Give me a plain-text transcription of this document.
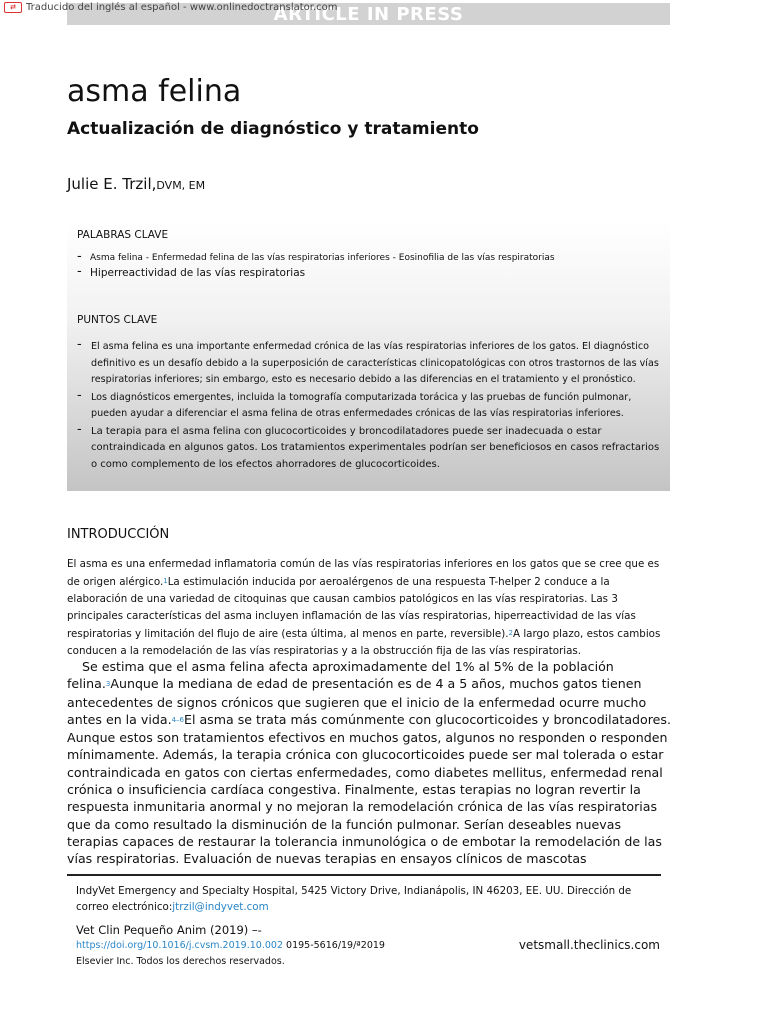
⇄	Traducido del inglés al español - www.onlinedoctranslator.com
ARTICLE IN PRESS
asma felina
Actualización de diagnóstico y tratamiento
Julie E. Trzil,DVM, EM
PALABRAS CLAVE
- Asma felina - Enfermedad felina de las vías respiratorias inferiores - Eosinofilia de las vías respiratorias
- Hiperreactividad de las vías respiratorias
PUNTOS CLAVE
- El asma felina es una importante enfermedad crónica de las vías respiratorias inferiores de los gatos. El diagnóstico definitivo es un desafío debido a la superposición de características clinicopatológicas con otros trastornos de las vías respiratorias inferiores; sin embargo, esto es necesario debido a las diferencias en el tratamiento y el pronóstico.
- Los diagnósticos emergentes, incluida la tomografía computarizada torácica y las pruebas de función pulmonar, pueden ayudar a diferenciar el asma felina de otras enfermedades crónicas de las vías respiratorias inferiores.
- La terapia para el asma felina con glucocorticoides y broncodilatadores puede ser inadecuada o estar contraindicada en algunos gatos. Los tratamientos experimentales podrían ser beneficiosos en casos refractarios o como complemento de los efectos ahorradores de glucocorticoides.
INTRODUCCIÓN

El asma es una enfermedad inflamatoria común de las vías respiratorias inferiores en los gatos que se cree que es de origen alérgico.1La estimulación inducida por aeroalérgenos de una respuesta T-helper 2 conduce a la elaboración de una variedad de citoquinas que causan cambios patológicos en las vías respiratorias. Las 3 principales características del asma incluyen inflamación de las vías respiratorias, hiperreactividad de las vías respiratorias y limitación del flujo de aire (esta última, al menos en parte, reversible).2A largo plazo, estos cambios conducen a la remodelación de las vías respiratorias y a la obstrucción fija de las vías respiratorias.

Se estima que el asma felina afecta aproximadamente del 1% al 5% de la población felina.3Aunque la mediana de edad de presentación es de 4 a 5 años, muchos gatos tienen antecedentes de signos crónicos que sugieren que el inicio de la enfermedad ocurre mucho antes en la vida.4–6El asma se trata más comúnmente con glucocorticoides y broncodilatadores. Aunque estos son tratamientos efectivos en muchos gatos, algunos no responden o responden mínimamente. Además, la terapia crónica con glucocorticoides puede ser mal tolerada o estar contraindicada en gatos con ciertas enfermedades, como diabetes mellitus, enfermedad renal crónica o insuficiencia cardíaca congestiva. Finalmente, estas terapias no logran revertir la respuesta inmunitaria anormal y no mejoran la remodelación crónica de las vías respiratorias que da como resultado la disminución de la función pulmonar. Serían deseables nuevas terapias capaces de restaurar la tolerancia inmunológica o de embotar la remodelación de las vías respiratorias. Evaluación de nuevas terapias en ensayos clínicos de mascotas

IndyVet Emergency and Specialty Hospital, 5425 Victory Drive, Indianápolis, IN 46203, EE. UU. Dirección de correo electrónico:jtrzil@indyvet.com
Vet Clin Pequeño Anim (2019) –-
https://doi.org/10.1016/j.cvsm.2019.10.002 0195-5616/19/ª2019
Elsevier Inc. Todos los derechos reservados.
vetsmall.theclinics.com
